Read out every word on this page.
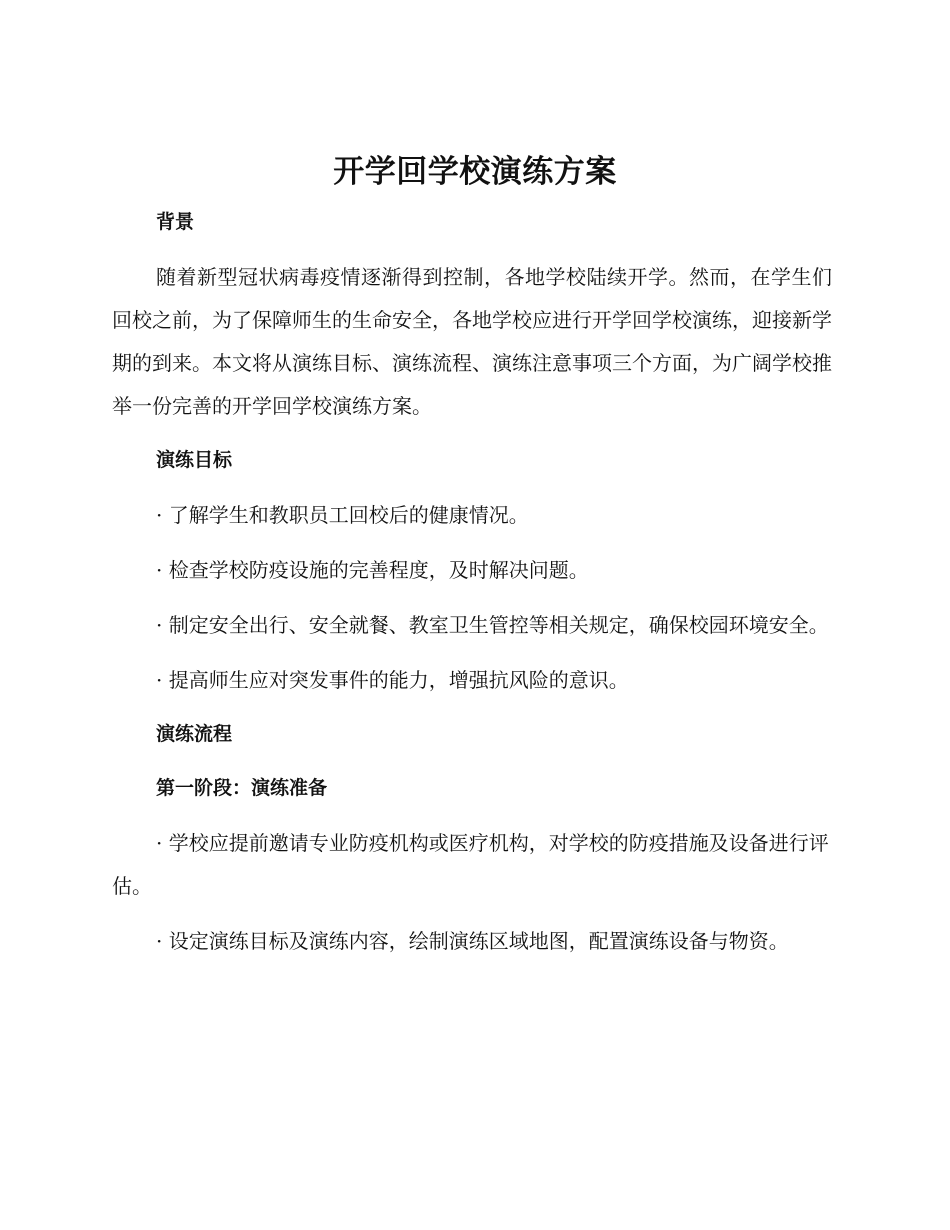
开学回学校演练方案
背景
随着新型冠状病毒疫情逐渐得到控制，各地学校陆续开学。然而，在学生们回校之前，为了保障师生的生命安全，各地学校应进行开学回学校演练，迎接新学期的到来。本文将从演练目标、演练流程、演练注意事项三个方面，为广阔学校推举一份完善的开学回学校演练方案。
演练目标
· 了解学生和教职员工回校后的健康情况。
· 检查学校防疫设施的完善程度，及时解决问题。
· 制定安全出行、安全就餐、教室卫生管控等相关规定，确保校园环境安全。
· 提高师生应对突发事件的能力，增强抗风险的意识。
演练流程
第一阶段：演练准备
· 学校应提前邀请专业防疫机构或医疗机构，对学校的防疫措施及设备进行评估。
· 设定演练目标及演练内容，绘制演练区域地图，配置演练设备与物资。
